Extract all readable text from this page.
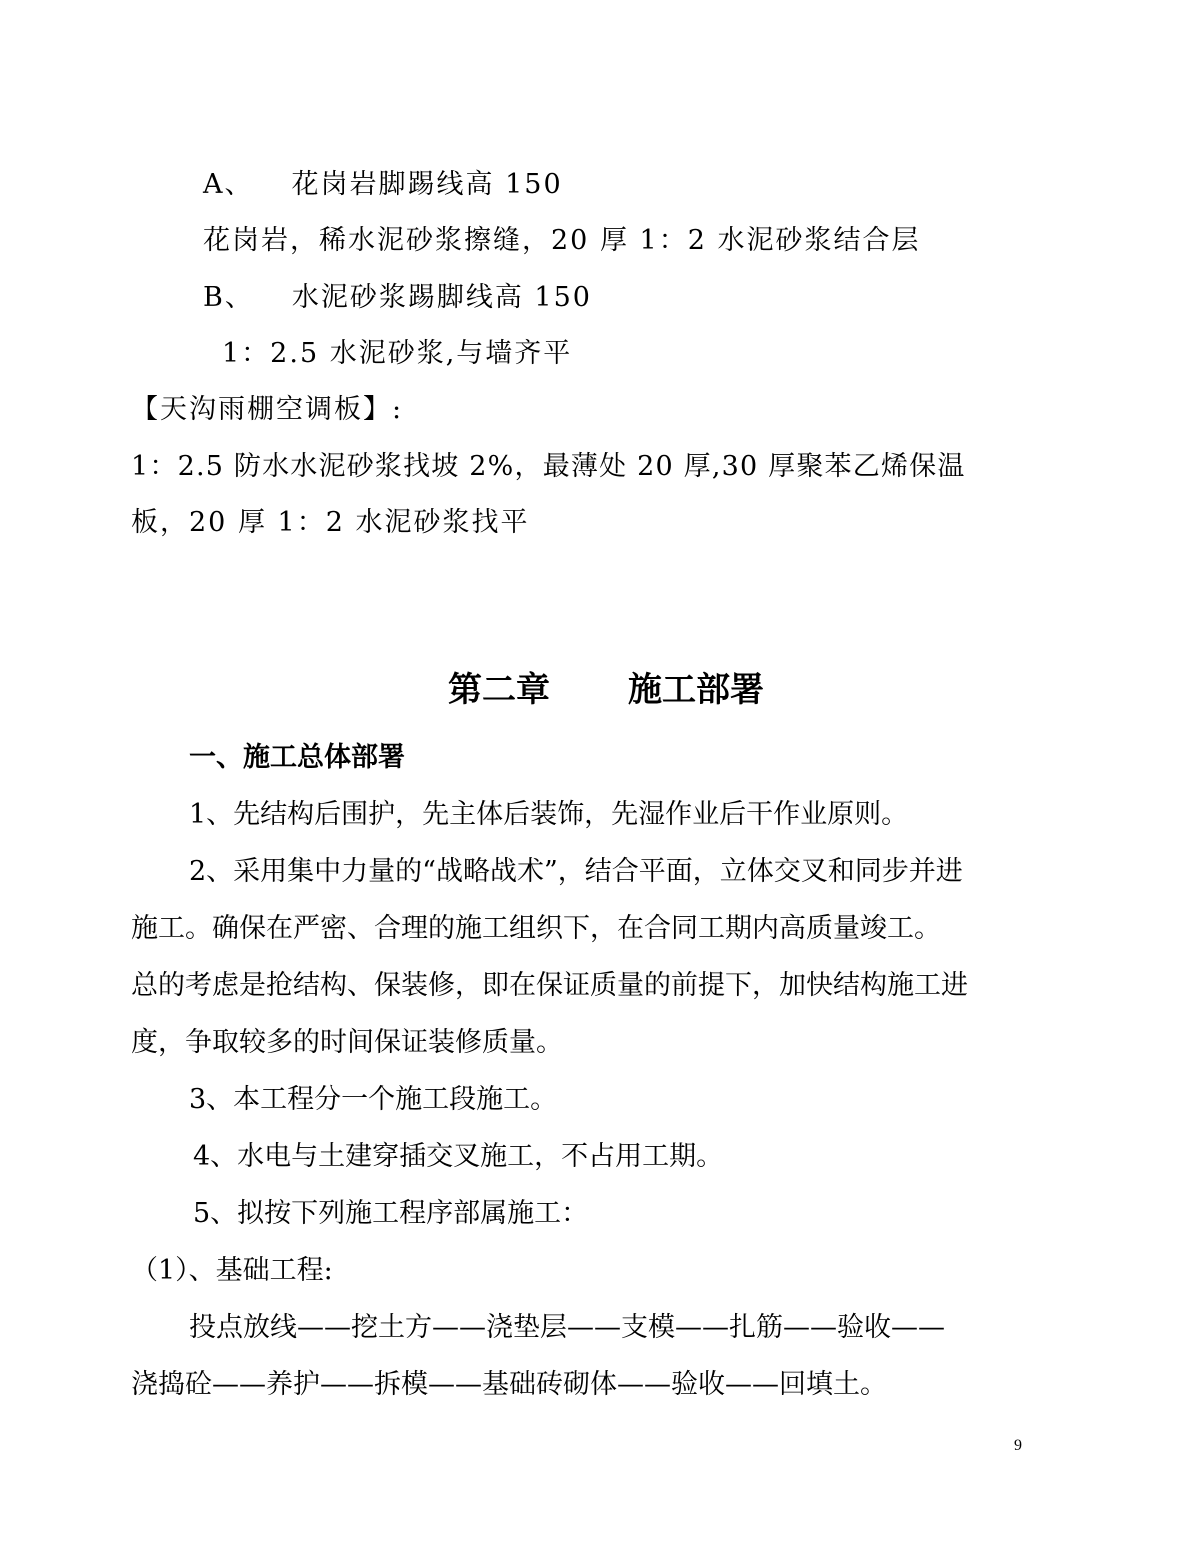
A、 花岗岩脚踢线高 150
花岗岩，稀水泥砂浆擦缝，20 厚 1：2 水泥砂浆结合层
B、 水泥砂浆踢脚线高 150
1：2.5 水泥砂浆,与墙齐平
【天沟雨棚空调板】:
1：2.5 防水水泥砂浆找坡 2%，最薄处 20 厚,30 厚聚苯乙烯保温
板，20 厚 1：2 水泥砂浆找平
第二章 施工部署
一、施工总体部署
1、先结构后围护，先主体后装饰，先湿作业后干作业原则。
2、采用集中力量的“战略战术”，结合平面，立体交叉和同步并进
施工。确保在严密、合理的施工组织下，在合同工期内高质量竣工。
总的考虑是抢结构、保装修，即在保证质量的前提下，加快结构施工进
度，争取较多的时间保证装修质量。
3、本工程分一个施工段施工。
4、水电与土建穿插交叉施工，不占用工期。
5、拟按下列施工程序部属施工：
（1）、基础工程:
投点放线——挖土方——浇垫层——支模——扎筋——验收——
浇捣砼——养护——拆模——基础砖砌体——验收——回填土。
9
